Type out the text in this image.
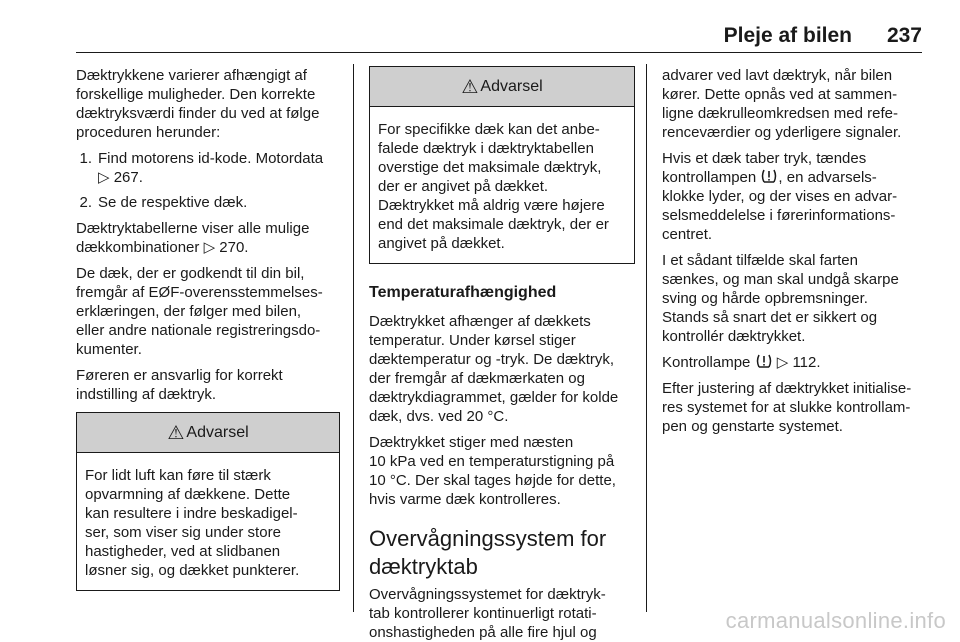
Pleje af bilen 237

Dæktrykkene varierer afhængigt af
forskellige muligheder. Den korrekte
dæktryksværdi finder du ved at følge
proceduren herunder:

1. Find motorens id-kode. Motordata
▷ 267.
2. Se de respektive dæk.

Dæktryktabellerne viser alle mulige
dækkombinationer ▷ 270.

De dæk, der er godkendt til din bil,
fremgår af EØF-overensstemmelses-
erklæringen, der følger med bilen,
eller andre nationale registreringsdo-
kumenter.

Føreren er ansvarlig for korrekt
indstilling af dæktryk.

⚠ Advarsel
For lidt luft kan føre til stærk
opvarmning af dækkene. Dette
kan resultere i indre beskadigel-
ser, som viser sig under store
hastigheder, ved at slidbanen
løsner sig, og dækket punkterer.
⚠ Advarsel
For specifikke dæk kan det anbe-
falede dæktryk i dæktryktabellen
overstige det maksimale dæktryk,
der er angivet på dækket.
Dæktrykket må aldrig være højere
end det maksimale dæktryk, der er
angivet på dækket.
Temperaturafhængighed

Dæktrykket afhænger af dækkets
temperatur. Under kørsel stiger
dæktemperatur og -tryk. De dæktryk,
der fremgår af dækmærkaten og
dæktrykdiagrammet, gælder for kolde
dæk, dvs. ved 20 °C.

Dæktrykket stiger med næsten
10 kPa ved en temperaturstigning på
10 °C. Der skal tages højde for dette,
hvis varme dæk kontrolleres.

Overvågningssystem for
dæktryktab

Overvågningssystemet for dæktryk-
tab kontrollerer kontinuerligt rotati-
onshastigheden på alle fire hjul og

advarer ved lavt dæktryk, når bilen
kører. Dette opnås ved at sammen-
ligne dækrulleomkredsen med refe-
renceværdier og yderligere signaler.

Hvis et dæk taber tryk, tændes
kontrollampen , en advarsels-
klokke lyder, og der vises en advar-
selsmeddelelse i førerinformations-
centret.

I et sådant tilfælde skal farten
sænkes, og man skal undgå skarpe
sving og hårde opbremsninger.
Stands så snart det er sikkert og
kontrollér dæktrykket.

Kontrollampe ▷ 112.

Efter justering af dæktrykket initialise-
res systemet for at slukke kontrollam-
pen og genstarte systemet.

carmanualsonline.info
